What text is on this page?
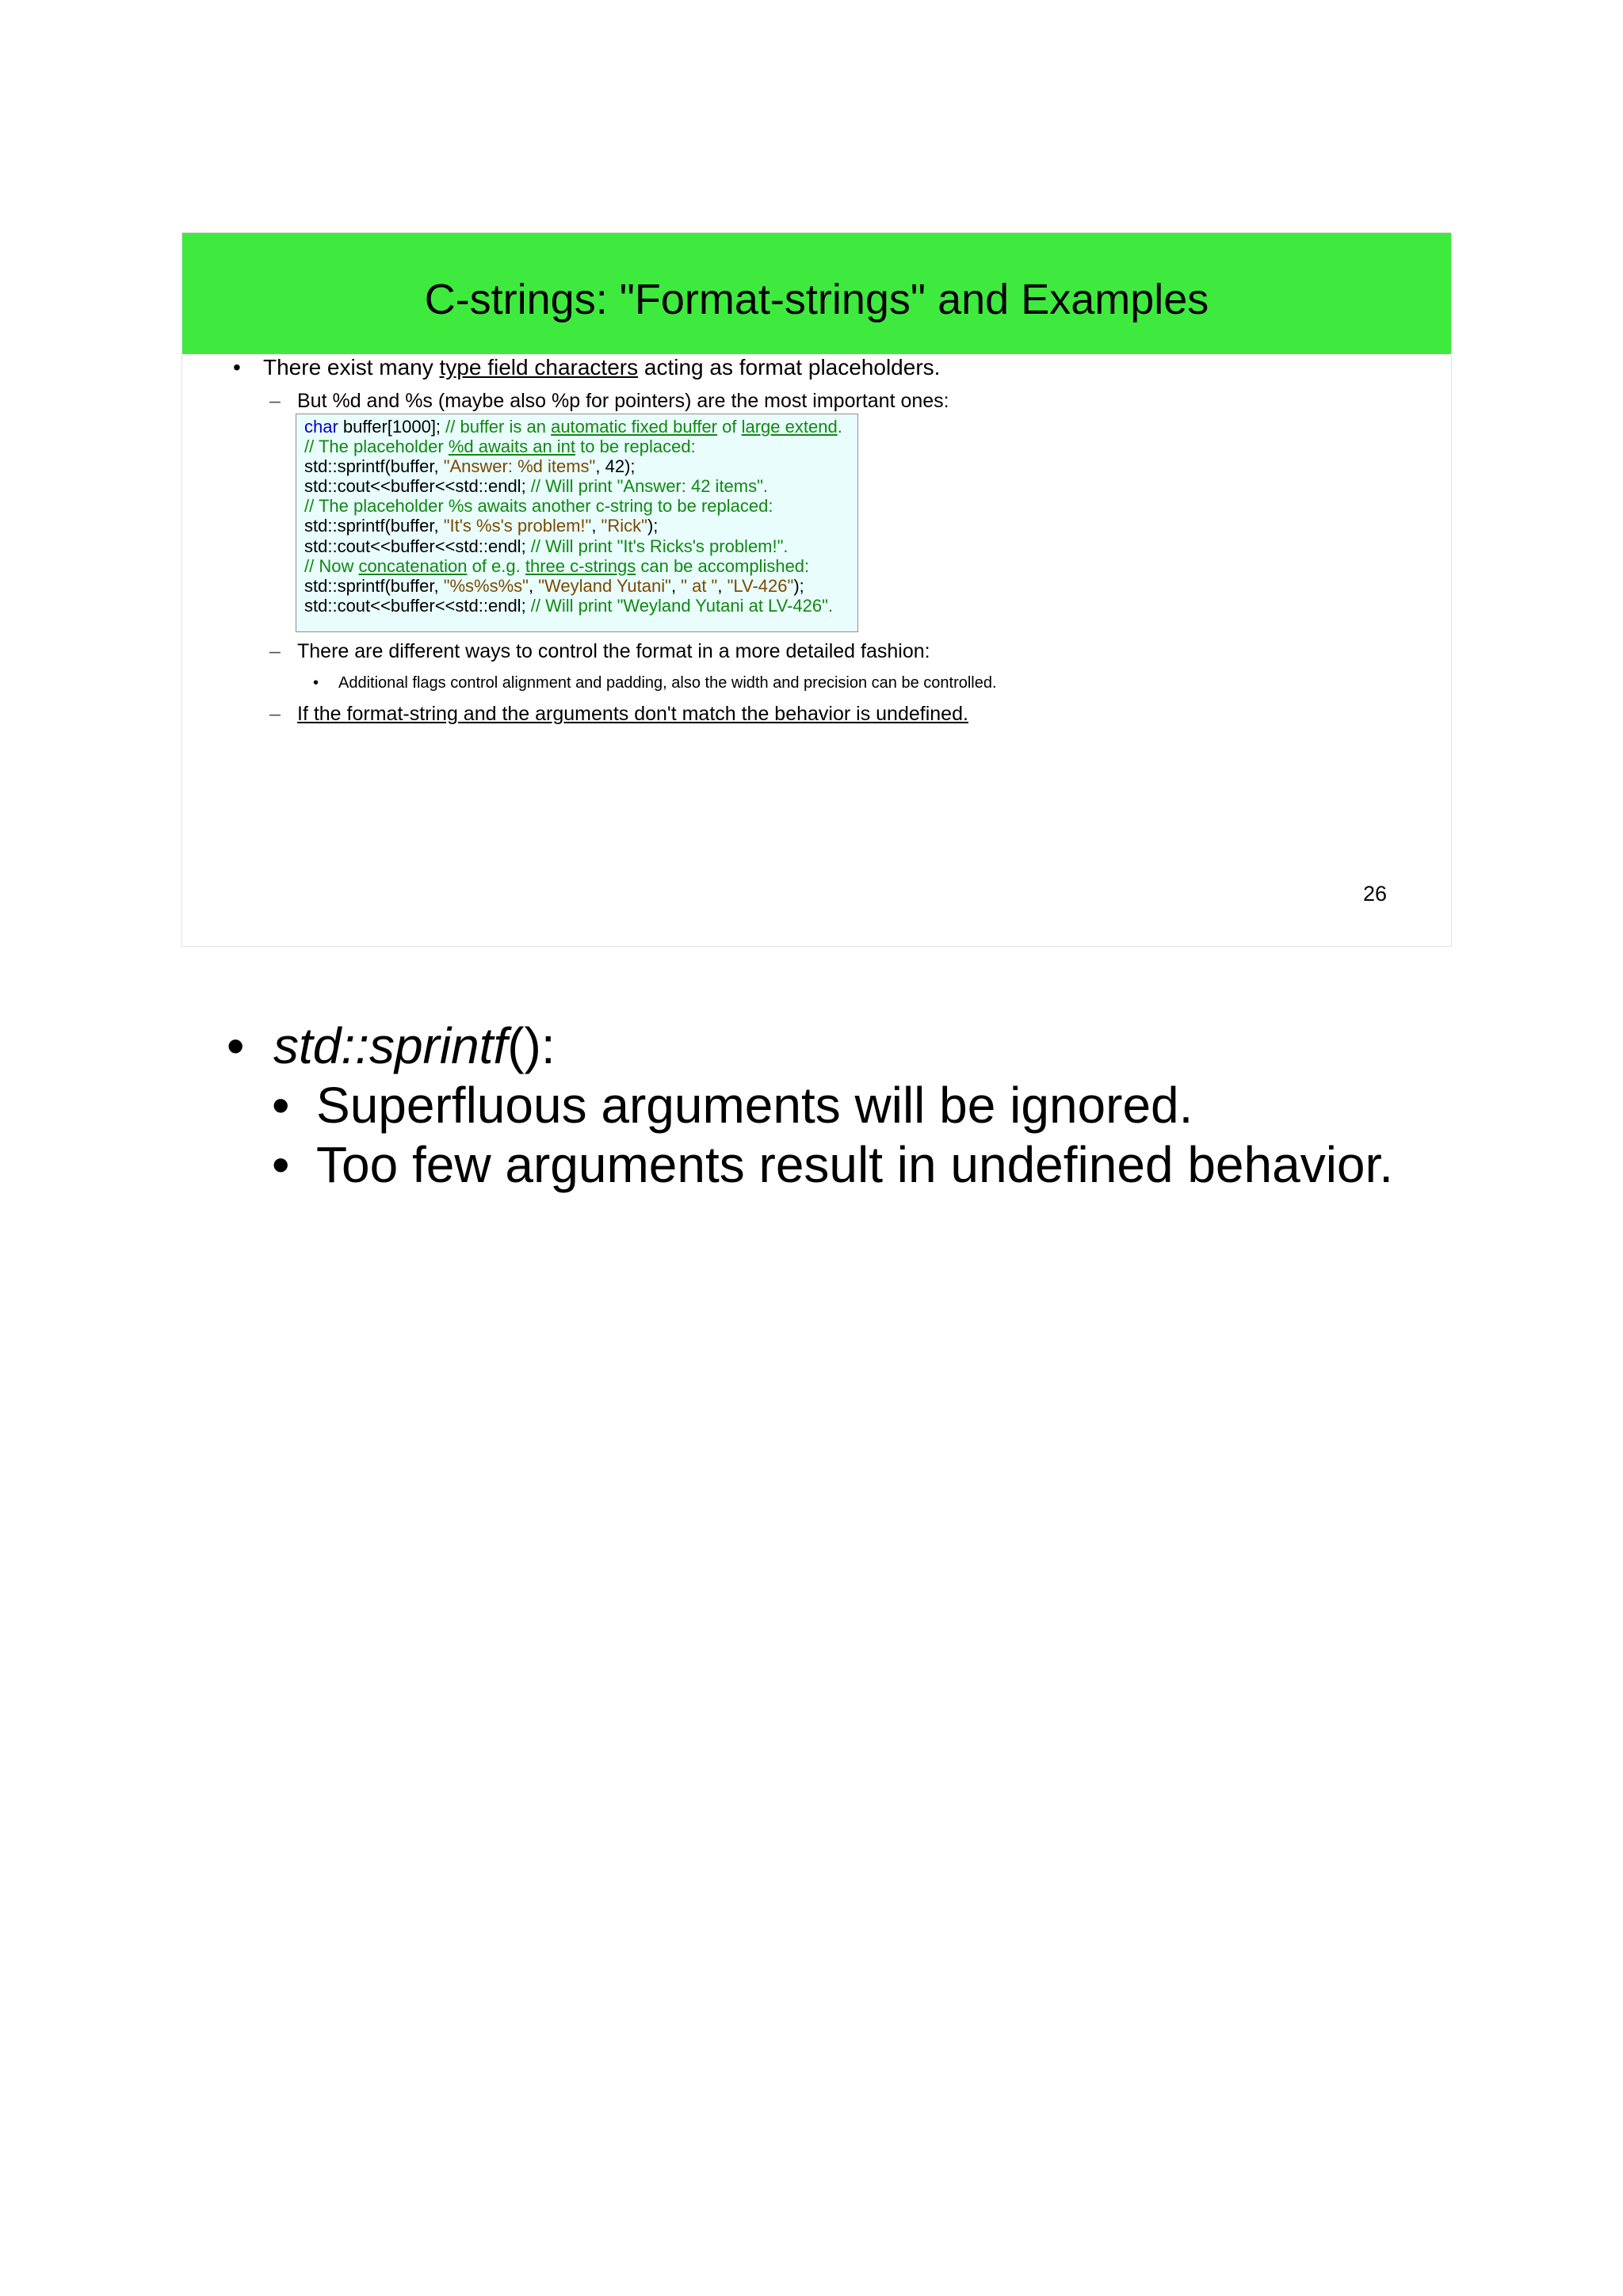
C-strings: "Format-strings" and Examples
• There exist many type field characters acting as format placeholders.
– But %d and %s (maybe also %p for pointers) are the most important ones:
char buffer[1000]; // buffer is an automatic fixed buffer of large extend.
// The placeholder %d awaits an int to be replaced:
std::sprintf(buffer, "Answer: %d items", 42);
std::cout<<buffer<<std::endl; // Will print "Answer: 42 items".
// The placeholder %s awaits another c-string to be replaced:
std::sprintf(buffer, "It's %s's problem!", "Rick");
std::cout<<buffer<<std::endl; // Will print "It's Ricks's problem!".
// Now concatenation of e.g. three c-strings can be accomplished:
std::sprintf(buffer, "%s%s%s", "Weyland Yutani", " at ", "LV-426");
std::cout<<buffer<<std::endl; // Will print "Weyland Yutani at LV-426".
– There are different ways to control the format in a more detailed fashion:
• Additional flags control alignment and padding, also the width and precision can be controlled.
– If the format-string and the arguments don't match the behavior is undefined.
26
• std::sprintf():
• Superfluous arguments will be ignored.
• Too few arguments result in undefined behavior.
